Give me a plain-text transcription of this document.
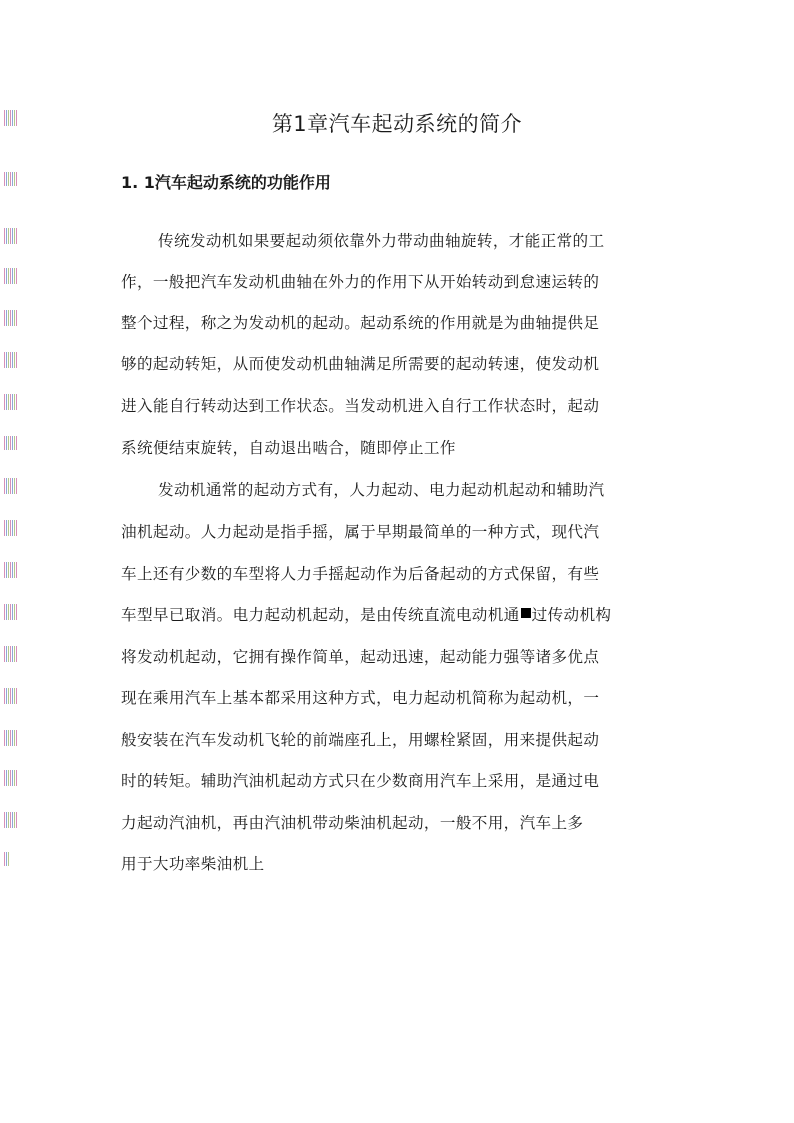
第1章汽车起动系统的简介
1. 1汽车起动系统的功能作用
传统发动机如果要起动须依靠外力带动曲轴旋转，才能正常的工
作，一般把汽车发动机曲轴在外力的作用下从开始转动到怠速运转的
整个过程，称之为发动机的起动。起动系统的作用就是为曲轴提供足
够的起动转矩，从而使发动机曲轴满足所需要的起动转速，使发动机
进入能自行转动达到工作状态。当发动机进入自行工作状态时，起动
系统便结束旋转，自动退出啮合，随即停止工作
发动机通常的起动方式有，人力起动、电力起动机起动和辅助汽
油机起动。人力起动是指手摇，属于早期最简单的一种方式，现代汽
车上还有少数的车型将人力手摇起动作为后备起动的方式保留，有些
车型早已取消。电力起动机起动，是由传统直流电动机通 过传动机构
将发动机起动，它拥有操作简单，起动迅速，起动能力强等诸多优点
现在乘用汽车上基本都采用这种方式，电力起动机简称为起动机，一
般安装在汽车发动机飞轮的前端座孔上，用螺栓紧固，用来提供起动
时的转矩。辅助汽油机起动方式只在少数商用汽车上采用，是通过电
力起动汽油机，再由汽油机带动柴油机起动，一般不用，汽车上多
用于大功率柴油机上
